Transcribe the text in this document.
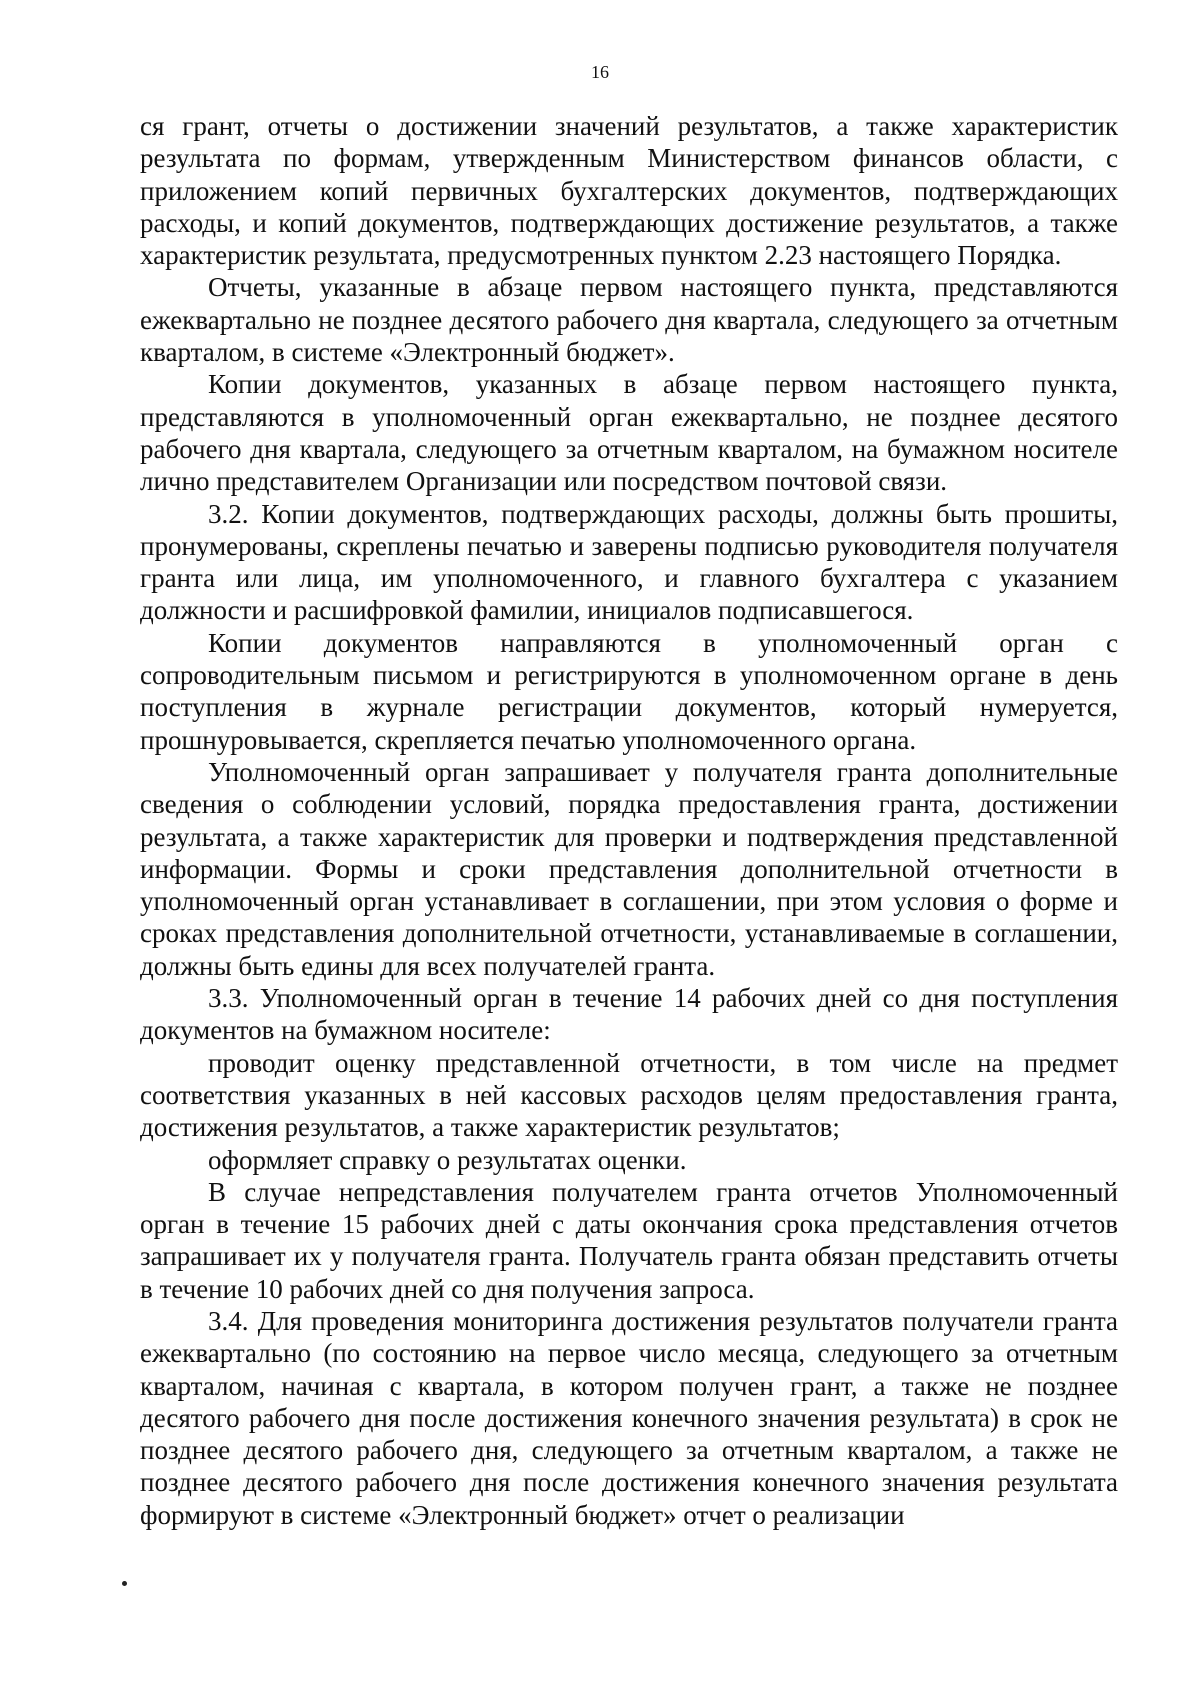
16

ся грант, отчеты о достижении значений результатов, а также характеристик результата по формам, утвержденным Министерством финансов области, с приложением копий первичных бухгалтерских документов, подтверждающих расходы, и копий документов, подтверждающих достижение результатов, а также характеристик результата, предусмотренных пунктом 2.23 настоящего Порядка.

Отчеты, указанные в абзаце первом настоящего пункта, представляются ежеквартально не позднее десятого рабочего дня квартала, следующего за отчетным кварталом, в системе «Электронный бюджет».

Копии документов, указанных в абзаце первом настоящего пункта, представляются в уполномоченный орган ежеквартально, не позднее десятого рабочего дня квартала, следующего за отчетным кварталом, на бумажном носителе лично представителем Организации или посредством почтовой связи.

3.2. Копии документов, подтверждающих расходы, должны быть прошиты, пронумерованы, скреплены печатью и заверены подписью руководителя получателя гранта или лица, им уполномоченного, и главного бухгалтера с указанием должности и расшифровкой фамилии, инициалов подписавшегося.

Копии документов направляются в уполномоченный орган с сопроводительным письмом и регистрируются в уполномоченном органе в день поступления в журнале регистрации документов, который нумеруется, прошнуровывается, скрепляется печатью уполномоченного органа.

Уполномоченный орган запрашивает у получателя гранта дополнительные сведения о соблюдении условий, порядка предоставления гранта, достижении результата, а также характеристик для проверки и подтверждения представленной информации. Формы и сроки представления дополнительной отчетности в уполномоченный орган устанавливает в соглашении, при этом условия о форме и сроках представления дополнительной отчетности, устанавливаемые в соглашении, должны быть едины для всех получателей гранта.

3.3. Уполномоченный орган в течение 14 рабочих дней со дня поступления документов на бумажном носителе:

проводит оценку представленной отчетности, в том числе на предмет соответствия указанных в ней кассовых расходов целям предоставления гранта, достижения результатов, а также характеристик результатов;

оформляет справку о результатах оценки.

В случае непредставления получателем гранта отчетов Уполномоченный орган в течение 15 рабочих дней с даты окончания срока представления отчетов запрашивает их у получателя гранта. Получатель гранта обязан представить отчеты в течение 10 рабочих дней со дня получения запроса.

3.4. Для проведения мониторинга достижения результатов получатели гранта ежеквартально (по состоянию на первое число месяца, следующего за отчетным кварталом, начиная с квартала, в котором получен грант, а также не позднее десятого рабочего дня после достижения конечного значения результата) в срок не позднее десятого рабочего дня, следующего за отчетным кварталом, а также не позднее десятого рабочего дня после достижения конечного значения результата формируют в системе «Электронный бюджет» отчет о реализации
